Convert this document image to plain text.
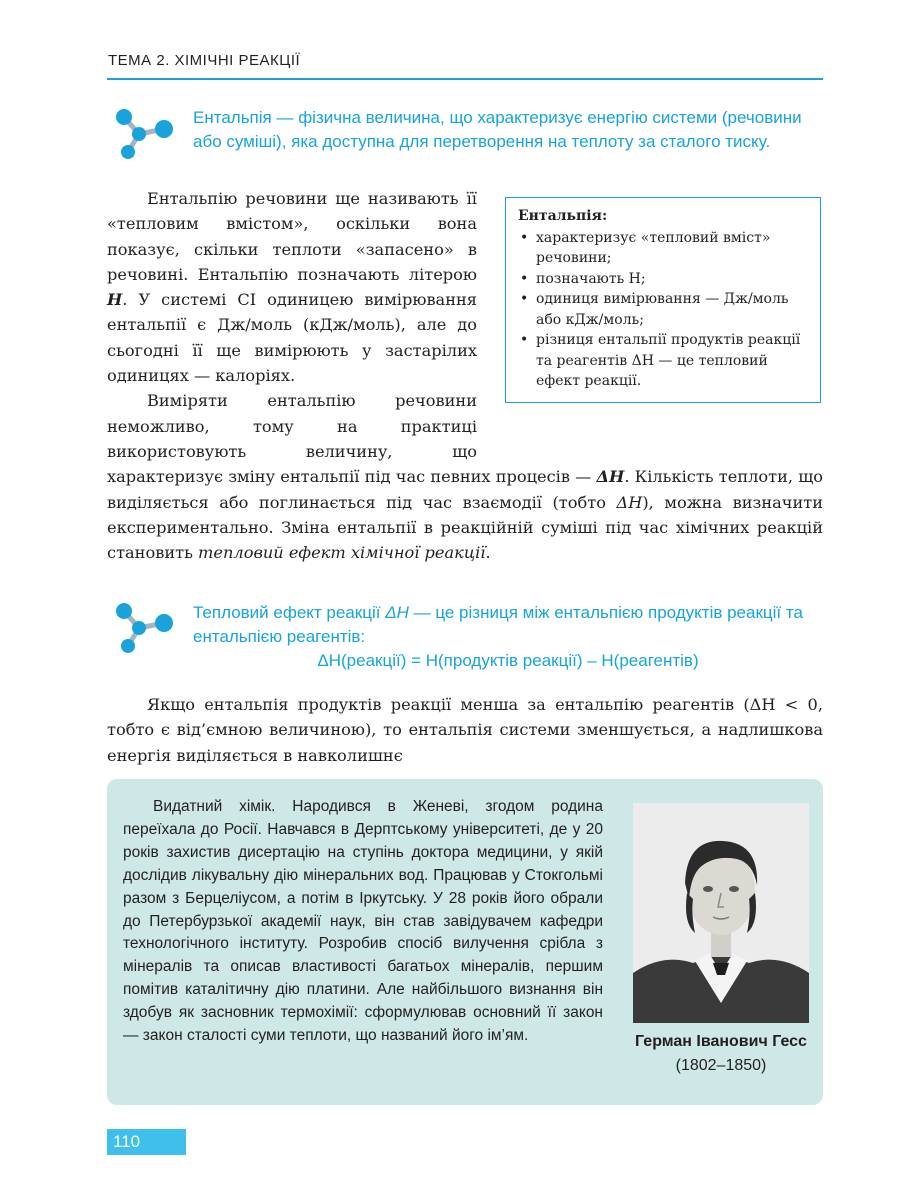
ТЕМА 2. ХІМІЧНІ РЕАКЦІЇ
Ентальпія — фізична величина, що характеризує енергію системи (речовини або суміші), яка доступна для перетворення на теплоту за сталого тиску.
Ентальпія:
• характеризує «тепловий вміст» речовини;
• позначають H;
• одиниця вимірювання — Дж/моль або кДж/моль;
• різниця ентальпії продуктів реакції та реагентів ΔH — це тепловий ефект реакції.

Ентальпію речовини ще називають її «тепловим вмістом», оскільки вона показує, скільки теплоти «запасено» в речовині. Ентальпію позначають літерою H. У системі СІ одиницею вимірювання ентальпії є Дж/моль (кДж/моль), але до сьогодні її ще вимірюють у застарілих одиницях — калоріях.

Виміряти ентальпію речовини неможливо, тому на практиці використовують величину, що характеризує зміну ентальпії під час певних процесів — ΔH. Кількість теплоти, що виділяється або поглинається під час взаємодії (тобто ΔH), можна визначити експериментально. Зміна ентальпії в реакційній суміші під час хімічних реакцій становить тепловий ефект хімічної реакції.

Тепловий ефект реакції ΔH — це різниця між ентальпією продуктів реакції та ентальпією реагентів:
ΔH(реакції) = H(продуктів реакції) – H(реагентів)

Якщо ентальпія продуктів реакції менша за ентальпію реагентів (ΔH < 0, тобто є від’ємною величиною), то ентальпія системи зменшується, а надлишкова енергія виділяється в навколишнє

Видатний хімік. Народився в Женеві, згодом родина переїхала до Росії. Навчався в Дерптському університеті, де у 20 років захистив дисертацію на ступінь доктора медицини, у якій дослідив лікувальну дію мінеральних вод. Працював у Стокгольмі разом з Берцеліусом, а потім в Іркутську. У 28 років його обрали до Петербурзької академії наук, він став завідувачем кафедри технологічного інституту. Розробив спосіб вилучення срібла з мінералів та описав властивості багатьох мінералів, першим помітив каталітичну дію платини. Але найбільшого визнання він здобув як засновник термохімії: сформулював основний її закон — закон сталості суми теплоти, що названий його ім’ям.	Герман Іванович Гесс (1802–1850)
110
